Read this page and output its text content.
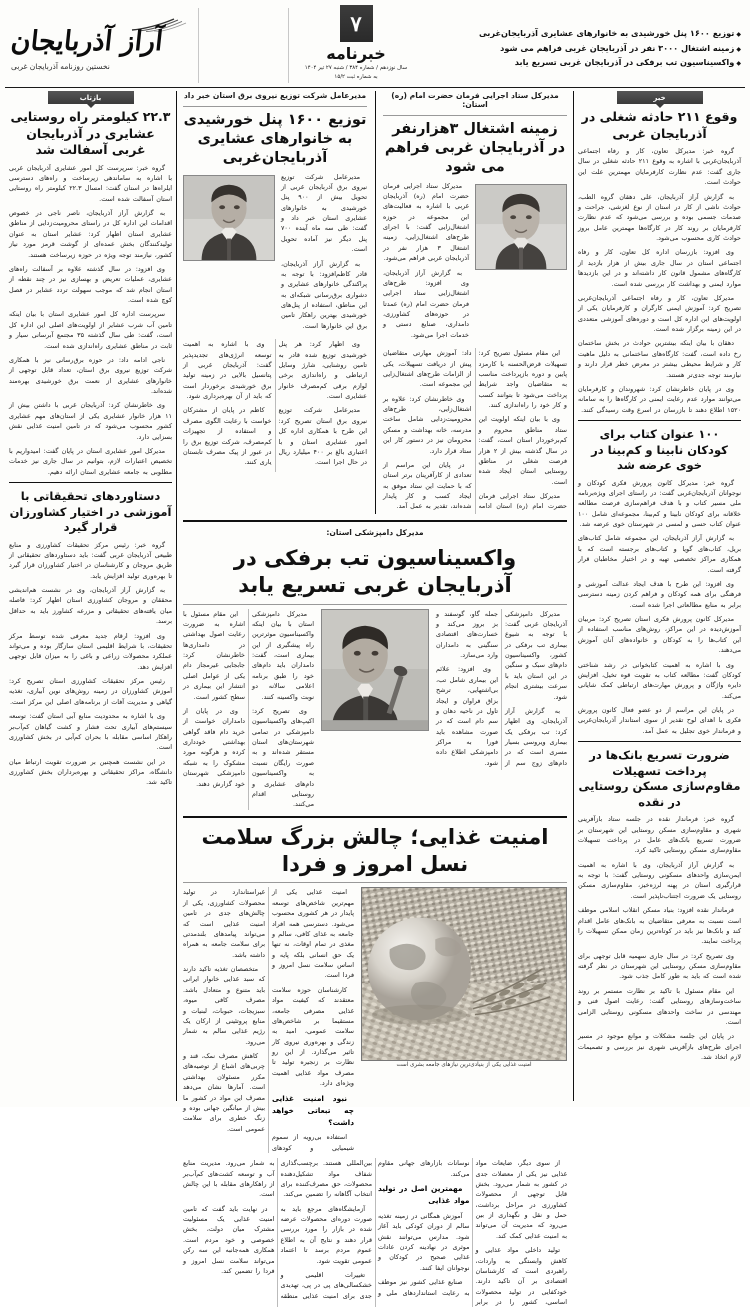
◆ توزیع ۱۶۰۰ پنل خورشیدی به خانوارهای عشایری آذربایجان‌غربی
◆ زمینه اشتغال ۳۰۰۰ نفر در آذربایجان غربی فراهم می شود
◆ واکسیناسیون تب برفکی در آذربایجان غربی تسریع یابد
۷
خبرنامه
سال نوزدهم / شماره ۳۸۴ / شنبه ۲۷ تیر ۱۴۰۴
به شماره ثبت ۱۵/۲
آراز آذربایجان
نخستین روزنامه آذربایجان غربی
خبر
وقوع ۲۱۱ حادثه شغلی در آذربایجان غربی

گروه خبر: مدیرکل تعاون، کار و رفاه اجتماعی آذربایجان‌غربی با اشاره به وقوع ۲۱۱ حادثه شغلی در سال جاری گفت: عدم نظارت کارفرمایان مهمترین علت این حوادث است.

به گزارش آراز آذربایجان، علی دهقان گروه الطب، حوادث ناشی از کار در استان از نوع لغزشی، جراحت و صدمات جسمی بوده و بررسی می‌شود که عدم نظارت کارفرمایان بر روند کار در کارگاه‌ها مهمترین عامل بروز حوادث کاری محسوب می‌شود.

وی افزود: بازرسان اداره کل تعاون، کار و رفاه اجتماعی استان در سال جاری بیش از هزار بازدید از کارگاه‌های مشمول قانون کار داشته‌اند و در این بازدیدها موارد ایمنی و بهداشت کار بررسی شده است.

مدیرکل تعاون، کار و رفاه اجتماعی آذربایجان‌غربی تصریح کرد: آموزش ایمنی کارگران و کارفرمایان یکی از اولویت‌های این اداره کل است و دوره‌های آموزشی متعددی در این زمینه برگزار شده است.

دهقان با بیان اینکه بیشترین حوادث در بخش ساختمان رخ داده است، گفت: کارگاه‌های ساختمانی به دلیل ماهیت کار و شرایط محیطی بیشتر در معرض خطر قرار دارند و نیازمند توجه جدی‌تر هستند.

وی در پایان خاطرنشان کرد: شهروندان و کارفرمایان می‌توانند موارد عدم رعایت ایمنی در کارگاه‌ها را به سامانه ۱۵۲۰ اطلاع دهند تا بازرسان در اسرع وقت رسیدگی کنند.

۱۰۰ عنوان کتاب برای کودکان نابینا و کم‌بینا در خوی عرضه شد

گروه خبر: مدیرکل کانون پرورش فکری کودکان و نوجوانان آذربایجان‌غربی گفت: در راستای اجرای ویژه‌برنامه ملی مسیر کتاب و با هدف فراهم‌سازی فرصت مطالعه خلاقانه برای کودکان نابینا و کم‌بینا، مجموعه‌ای شامل ۱۰۰ عنوان کتاب حسی و لمسی در شهرستان خوی عرضه شد.

به گزارش آراز آذربایجان، این مجموعه شامل کتاب‌های بریل، کتاب‌های گویا و کتاب‌های برجسته است که با همکاری مراکز تخصصی تهیه و در اختیار مخاطبان قرار گرفته است.

وی افزود: این طرح با هدف ایجاد عدالت آموزشی و فرهنگی برای همه کودکان و فراهم کردن زمینه دسترسی برابر به منابع مطالعاتی اجرا شده است.

مدیرکل کانون پرورش فکری استان تصریح کرد: مربیان آموزش‌دیده در این مراکز، روش‌های مناسب استفاده از این کتاب‌ها را به کودکان و خانواده‌های آنان آموزش می‌دهند.

وی با اشاره به اهمیت کتابخوانی در رشد شناختی کودکان گفت: مطالعه کتاب به تقویت قوه تخیل، افزایش دایره واژگان و پرورش مهارت‌های ارتباطی کمک شایانی می‌کند.

در پایان این مراسم از دو عضو فعال کانون پرورش فکری با اهدای لوح تقدیر از سوی استاندار آذربایجان‌غربی و فرماندار خوی تجلیل به عمل آمد.

ضرورت تسریع بانک‌ها در پرداخت تسهیلات مقاوم‌سازی مسکن روستایی در نقده

گروه خبر: فرماندار نقده در جلسه ستاد بازآفرینی شهری و مقاوم‌سازی مسکن روستایی این شهرستان بر ضرورت تسریع بانک‌های عامل در پرداخت تسهیلات مقاوم‌سازی مسکن روستایی تاکید کرد.

به گزارش آراز آذربایجان، وی با اشاره به اهمیت ایمن‌سازی واحدهای مسکونی روستایی گفت: با توجه به قرارگیری استان در پهنه لرزه‌خیز، مقاوم‌سازی مسکن روستایی یک ضرورت اجتناب‌ناپذیر است.

فرماندار نقده افزود: بنیاد مسکن انقلاب اسلامی موظف است نسبت به معرفی متقاضیان به بانک‌های عامل اقدام کند و بانک‌ها نیز باید در کوتاه‌ترین زمان ممکن تسهیلات را پرداخت نمایند.

وی تصریح کرد: در سال جاری سهمیه قابل توجهی برای مقاوم‌سازی مسکن روستایی این شهرستان در نظر گرفته شده است که باید به طور کامل جذب شود.

این مقام مسئول با تاکید بر نظارت مستمر بر روند ساخت‌وسازهای روستایی گفت: رعایت اصول فنی و مهندسی در ساخت واحدهای مسکونی روستایی الزامی است.

در پایان این جلسه مشکلات و موانع موجود در مسیر اجرای طرح‌های بازآفرینی شهری نیز بررسی و تصمیمات لازم اتخاذ شد.

مدیرکل ستاد اجرایی فرمان حضرت امام (ره) استان:
زمینه اشتغال ۳هزارنفر در آذربایجان غربی فراهم می شود

مدیرکل ستاد اجرایی فرمان حضرت امام (ره) آذربایجان غربی با اشاره به فعالیت‌های این مجموعه در حوزه اشتغال‌زایی گفت: با اجرای طرح‌های اشتغال‌زایی، زمینه اشتغال ۳ هزار نفر در آذربایجان غربی فراهم می‌شود.

به گزارش آراز آذربایجان، وی افزود: طرح‌های اشتغال‌زایی ستاد اجرایی فرمان حضرت امام (ره) عمدتا در حوزه‌های کشاورزی، دامداری، صنایع دستی و خدمات اجرا می‌شود.

این مقام مسئول تصریح کرد: تسهیلات قرض‌الحسنه با کارمزد پایین و دوره بازپرداخت مناسب به متقاضیان واجد شرایط پرداخت می‌شود تا بتوانند کسب و کار خود را راه‌اندازی کنند.

وی با بیان اینکه اولویت این ستاد مناطق محروم و کم‌برخوردار استان است، گفت: در سال گذشته بیش از ۲ هزار فرصت شغلی در مناطق روستایی استان ایجاد شده است.

مدیرکل ستاد اجرایی فرمان حضرت امام (ره) استان ادامه داد: آموزش مهارتی متقاضیان پیش از دریافت تسهیلات، یکی از الزامات طرح‌های اشتغال‌زایی این مجموعه است.

وی خاطرنشان کرد: علاوه بر اشتغال‌زایی، طرح‌های محرومیت‌زدایی شامل ساخت مدرسه، خانه بهداشت و مسکن محرومان نیز در دستور کار این ستاد قرار دارد.

در پایان این مراسم از تعدادی از کارآفرینان برتر استان که با حمایت این ستاد موفق به ایجاد کسب و کار پایدار شده‌اند، تقدیر به عمل آمد.

مدیرعامل شرکت توزیع نیروی برق استان خبر داد
توزیع ۱۶۰۰ پنل خورشیدی به خانوارهای عشایری آذربایجان‌غربی

مدیرعامل شرکت توزیع نیروی برق آذربایجان غربی از تحویل بیش از ۹۰۰ پنل خورشیدی به خانوارهای عشایری استان خبر داد و گفت: طی سه ماه آینده ۷۰۰ پنل دیگر نیز آماده تحویل است.

به گزارش آراز آذربایجان، قادر کاظم‌افزود: با توجه به پراکندگی خانوارهای عشایری و دشواری برق‌رسانی شبکه‌ای به این مناطق، استفاده از پنل‌های خورشیدی بهترین راهکار تامین برق این خانوارها است.

وی اظهار کرد: هر پنل خورشیدی توزیع شده قادر به تامین روشنایی، شارژ وسایل ارتباطی و راه‌اندازی برخی لوازم برقی کم‌مصرف خانوار عشایری است.

مدیرعامل شرکت توزیع نیروی برق استان تصریح کرد: این طرح با همکاری اداره کل امور عشایری استان و با اعتباری بالغ بر ۴۰۰ میلیارد ریال در حال اجرا است.

وی با اشاره به اهمیت توسعه انرژی‌های تجدیدپذیر گفت: آذربایجان غربی از پتانسیل بالایی در زمینه تولید برق خورشیدی برخوردار است که باید از آن بهره‌برداری شود.

کاظم در پایان از مشترکان خواست با رعایت الگوی مصرف و استفاده از تجهیزات کم‌مصرف، شرکت توزیع برق را در عبور از پیک مصرف تابستان یاری کنند.

مدیرکل دامپزشکی استان:
واکسیناسیون تب برفکی در آذربایجان غربی تسریع یابد

مدیرکل دامپزشکی آذربایجان غربی گفت: با توجه به شیوع بیماری تب برفکی در کشور، واکسیناسیون دام‌های سبک و سنگین در این استان باید با سرعت بیشتری انجام شود.

به گزارش آراز آذربایجان، وی اظهار کرد: تب برفکی یک بیماری ویروسی بسیار مسری است که در دام‌های زوج سم از جمله گاو، گوسفند و بز بروز می‌کند و خسارت‌های اقتصادی سنگینی به دامداران وارد می‌سازد.

وی افزود: علائم این بیماری شامل تب، بی‌اشتهایی، ترشح بزاق فراوان و ایجاد تاول در ناحیه دهان و سم دام است که در صورت مشاهده باید فورا به مراکز دامپزشکی اطلاع داده شود.

مدیرکل دامپزشکی استان با بیان اینکه واکسیناسیون موثرترین راه پیشگیری از این بیماری است، گفت: دامداران باید دام‌های خود را طبق برنامه اعلامی سالانه دو نوبت واکسینه کنند.

وی تصریح کرد: اکیپ‌های واکسیناسیون دامپزشکی در تمامی شهرستان‌های استان مستقر شده‌اند و به صورت رایگان نسبت به واکسیناسیون دام‌های عشایری و روستایی اقدام می‌کنند.

این مقام مسئول با اشاره به ضرورت رعایت اصول بهداشتی در دامداری‌ها خاطرنشان کرد: جابجایی غیرمجاز دام یکی از عوامل اصلی انتشار این بیماری در سطح کشور است.

وی در پایان از دامداران خواست از خرید دام فاقد گواهی بهداشتی خودداری کرده و هرگونه مورد مشکوک را به شبکه دامپزشکی شهرستان خود گزارش دهند.

امنیت غذایی؛ چالش بزرگ سلامت نسل امروز و فردا
امنیت غذایی یکی از بنیادی‌ترین نیازهای جامعه بشری است

امنیت غذایی یکی از مهم‌ترین شاخص‌های توسعه پایدار در هر کشوری محسوب می‌شود. دسترسی همه افراد جامعه به غذای کافی، سالم و مغذی در تمام اوقات، نه تنها یک حق انسانی بلکه پایه و اساس سلامت نسل امروز و فردا است.

کارشناسان حوزه سلامت معتقدند که کیفیت مواد غذایی مصرفی جامعه، مستقیما بر شاخص‌های سلامت عمومی، امید به زندگی و بهره‌وری نیروی کار تاثیر می‌گذارد. از این رو نظارت بر زنجیره تولید تا مصرف مواد غذایی اهمیت ویژه‌ای دارد.

نبود امنیت غذایی چه تبعاتی خواهد داشت؟

استفاده بی‌رویه از سموم شیمیایی و کودهای غیراستاندارد در تولید محصولات کشاورزی، یکی از چالش‌های جدی در تامین امنیت غذایی است که می‌تواند پیامدهای بلندمدتی برای سلامت جامعه به همراه داشته باشد.

متخصصان تغذیه تاکید دارند که سبد غذایی خانوار ایرانی باید متنوع و متعادل باشد. مصرف کافی میوه، سبزیجات، حبوبات، لبنیات و منابع پروتئینی از ارکان یک رژیم غذایی سالم به شمار می‌رود.

کاهش مصرف نمک، قند و چربی‌های اشباع از توصیه‌های مکرر مسئولان بهداشتی است. آمارها نشان می‌دهد مصرف این مواد در کشور ما بیش از میانگین جهانی بوده و زنگ خطری برای سلامت عمومی است.

از سوی دیگر، ضایعات مواد غذایی نیز یکی از معضلات جدی در کشور به شمار می‌رود. بخش قابل توجهی از محصولات کشاورزی در مراحل برداشت، حمل و نقل و نگهداری از بین می‌رود که مدیریت آن می‌تواند به امنیت غذایی کمک کند.

تولید داخلی مواد غذایی و کاهش وابستگی به واردات، راهبردی است که کارشناسان اقتصادی بر آن تاکید دارند. خودکفایی در تولید محصولات اساسی، کشور را در برابر نوسانات بازارهای جهانی مقاوم می‌کند.

مهمترین اصل در تولید مواد غذایی

آموزش همگانی در زمینه تغذیه سالم از دوران کودکی باید آغاز شود. مدارس می‌توانند نقش موثری در نهادینه کردن عادات غذایی صحیح در کودکان و نوجوانان ایفا کنند.

صنایع غذایی کشور نیز موظف به رعایت استانداردهای ملی و بین‌المللی هستند. برچسب‌گذاری شفاف مواد تشکیل‌دهنده محصولات، حق مصرف‌کننده برای انتخاب آگاهانه را تضمین می‌کند.

آزمایشگاه‌های مرجع باید به صورت دوره‌ای محصولات عرضه شده در بازار را مورد بررسی قرار دهند و نتایج آن به اطلاع عموم مردم برسد تا اعتماد عمومی تقویت شود.

تغییرات اقلیمی و خشکسالی‌های پی در پی، تهدیدی جدی برای امنیت غذایی منطقه به شمار می‌رود. مدیریت منابع آب و توسعه کشت‌های کم‌آب‌بر از راهکارهای مقابله با این چالش است.

در نهایت باید گفت که تامین امنیت غذایی یک مسئولیت مشترک میان دولت، بخش خصوصی و خود مردم است. همکاری همه‌جانبه این سه رکن می‌تواند سلامت نسل امروز و فردا را تضمین کند.

بازتاب
۲۲.۳ کیلومتر راه روستایی عشایری در آذربایجان غربی آسفالت شد

گروه خبر: سرپرست کل امور عشایری آذربایجان غربی با اشاره به ساماندهی زیرساخت و راه‌های دسترسی ایلراه‌ها در استان گفت: امسال ۲۲.۳ کیلومتر راه روستایی استان آسفالت شده است.

به گزارش آراز آذربایجان، ناصر ناجی در خصوص اقدامات این اداره کل در راستای محرومیت‌زدایی از مناطق عشایری استان اظهار کرد: عشایر استان به عنوان تولیدکنندگان بخش عمده‌ای از گوشت قرمز مورد نیاز کشور، نیازمند توجه ویژه در حوزه زیرساخت هستند.

وی افزود: در سال گذشته علاوه بر آسفالت راه‌های عشایری، عملیات تعریض و بهسازی نیز در چند نقطه از استان انجام شد که موجب سهولت تردد عشایر در فصل کوچ شده است.

سرپرست اداره کل امور عشایری استان با بیان اینکه تامین آب شرب عشایر از اولویت‌های اصلی این اداره کل است، گفت: طی سال گذشته ۳۵ مجتمع آبرسانی سیار و ثابت در مناطق عشایری راه‌اندازی شده است.

ناجی ادامه داد: در حوزه برق‌رسانی نیز با همکاری شرکت توزیع نیروی برق استان، تعداد قابل توجهی از خانوارهای عشایری از نعمت برق خورشیدی بهره‌مند شده‌اند.

وی خاطرنشان کرد: آذربایجان غربی با داشتن بیش از ۱۱ هزار خانوار عشایری یکی از استان‌های مهم عشایری کشور محسوب می‌شود که در تامین امنیت غذایی نقش بسزایی دارد.

مدیرکل امور عشایری استان در پایان گفت: امیدواریم با تخصیص اعتبارات لازم، بتوانیم در سال جاری نیز خدمات مطلوبی به جامعه عشایری استان ارائه دهیم.

دستاوردهای تحقیقاتی با آموزشی در اختیار کشاورزان قرار گیرد

گروه خبر: رئیس مرکز تحقیقات کشاورزی و منابع طبیعی آذربایجان غربی گفت: باید دستاوردهای تحقیقاتی از طریق مروجان و کارشناسان در اختیار کشاورزان قرار گیرد تا بهره‌وری تولید افزایش یابد.

به گزارش آراز آذربایجان، وی در نشست هم‌اندیشی محققان و مروجان کشاورزی استان اظهار کرد: فاصله میان یافته‌های تحقیقاتی و مزرعه کشاورز باید به حداقل برسد.

وی افزود: ارقام جدید معرفی شده توسط مرکز تحقیقات، با شرایط اقلیمی استان سازگار بوده و می‌تواند عملکرد محصولات زراعی و باغی را به میزان قابل توجهی افزایش دهد.

رئیس مرکز تحقیقات کشاورزی استان تصریح کرد: آموزش کشاورزان در زمینه روش‌های نوین آبیاری، تغذیه گیاهی و مدیریت آفات از برنامه‌های اصلی این مرکز است.

وی با اشاره به محدودیت منابع آبی استان گفت: توسعه سیستم‌های آبیاری تحت فشار و کشت گیاهان کم‌آب‌بر راهکار اساسی مقابله با بحران کم‌آبی در بخش کشاورزی است.

در این نشست همچنین بر ضرورت تقویت ارتباط میان دانشگاه، مراکز تحقیقاتی و بهره‌برداران بخش کشاورزی تاکید شد.
